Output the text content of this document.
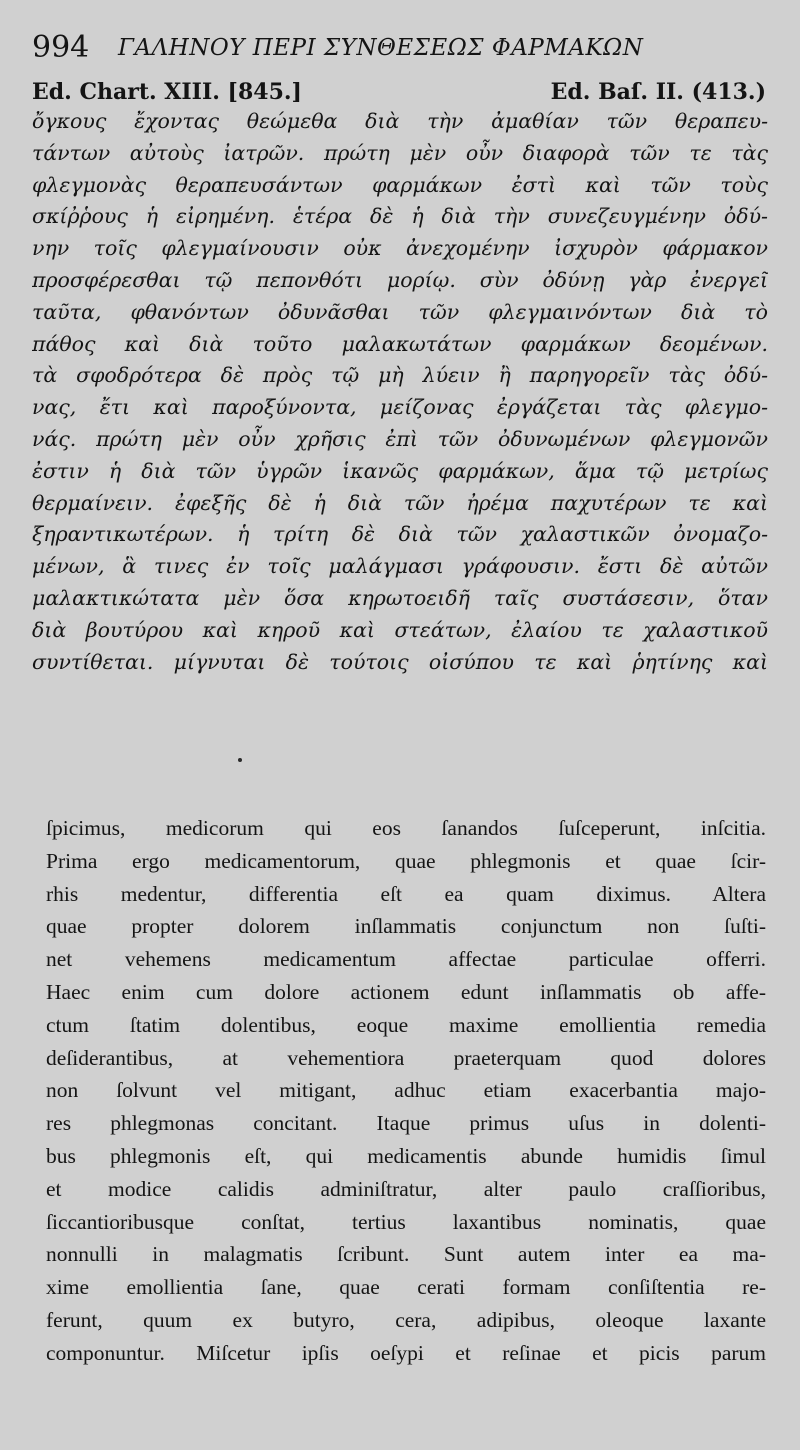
994 ΓΑΛΗΝΟΥ ΠΕΡΙ ΣΥΝΘΕΣΕΩΣ ΦΑΡΜΑΚΩΝ
Ed. Chart. XIII. [845.]	Ed. Baſ. II. (413.)
ὄγκους ἔχοντας θεώμεθα διὰ τὴν ἀμαθίαν τῶν θεραπευ-
τάντων αὐτοὺς ἰατρῶν. πρώτη μὲν οὖν διαφορὰ τῶν τε τὰς
φλεγμονὰς θεραπευσάντων φαρμάκων ἐστὶ καὶ τῶν τοὺς
σκίῤῥους ἡ εἰρημένη. ἑτέρα δὲ ἡ διὰ τὴν συνεζευγμένην ὀδύ-
νην τοῖς φλεγμαίνουσιν οὐκ ἀνεχομένην ἰσχυρὸν φάρμακον
προσφέρεσθαι τῷ πεπονθότι μορίῳ. σὺν ὀδύνῃ γὰρ ἐνεργεῖ
ταῦτα, φθανόντων ὀδυνᾶσθαι τῶν φλεγμαινόντων διὰ τὸ
πάθος καὶ διὰ τοῦτο μαλακωτάτων φαρμάκων δεομένων.
τὰ σφοδρότερα δὲ πρὸς τῷ μὴ λύειν ἢ παρηγορεῖν τὰς ὀδύ-
νας, ἔτι καὶ παροξύνοντα, μείζονας ἐργάζεται τὰς φλεγμο-
νάς. πρώτη μὲν οὖν χρῆσις ἐπὶ τῶν ὀδυνωμένων φλεγμονῶν
ἐστιν ἡ διὰ τῶν ὑγρῶν ἱκανῶς φαρμάκων, ἅμα τῷ μετρίως
θερμαίνειν. ἐφεξῆς δὲ ἡ διὰ τῶν ἠρέμα παχυτέρων τε καὶ
ξηραντικωτέρων. ἡ τρίτη δὲ διὰ τῶν χαλαστικῶν ὀνομαζο-
μένων, ἃ τινες ἐν τοῖς μαλάγμασι γράφουσιν. ἔστι δὲ αὐτῶν
μαλακτικώτατα μὲν ὅσα κηρωτοειδῆ ταῖς συστάσεσιν, ὅταν
διὰ βουτύρου καὶ κηροῦ καὶ στεάτων, ἐλαίου τε χαλαστικοῦ
συντίθεται. μίγνυται δὲ τούτοις οἰσύπου τε καὶ ῥητίνης καὶ
ſpicimus, medicorum qui eos ſanandos ſuſceperunt, inſcitia.
Prima ergo medicamentorum, quae phlegmonis et quae ſcir-
rhis medentur, differentia eſt ea quam diximus. Altera
quae propter dolorem inſlammatis conjunctum non ſuſti-
net vehemens medicamentum affectae particulae offerri.
Haec enim cum dolore actionem edunt inſlammatis ob affe-
ctum ſtatim dolentibus, eoque maxime emollientia remedia
deſiderantibus, at vehementiora praeterquam quod dolores
non ſolvunt vel mitigant, adhuc etiam exacerbantia majo-
res phlegmonas concitant. Itaque primus uſus in dolenti-
bus phlegmonis eſt, qui medicamentis abunde humidis ſimul
et modice calidis adminiſtratur, alter paulo craſſioribus,
ſiccantioribusque conſtat, tertius laxantibus nominatis, quae
nonnulli in malagmatis ſcribunt. Sunt autem inter ea ma-
xime emollientia ſane, quae cerati formam conſiſtentia re-
ferunt, quum ex butyro, cera, adipibus, oleoque laxante
componuntur. Miſcetur ipſis oeſypi et reſinae et picis parum
